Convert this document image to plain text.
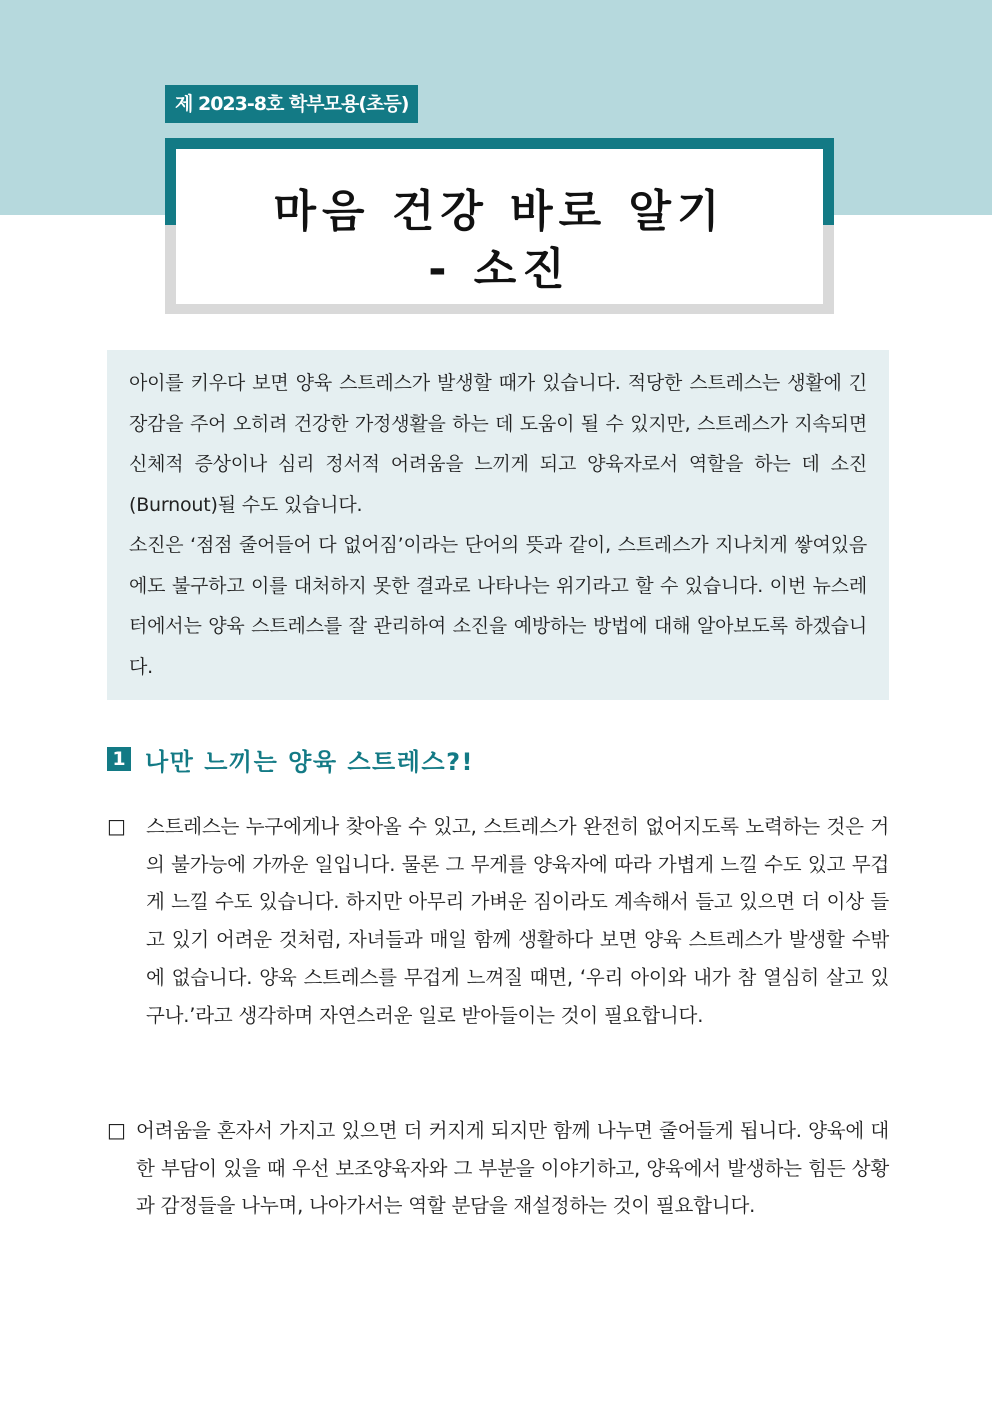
제 2023-8호 학부모용(초등)
마음 건강 바로 알기
- 소진

아이를 키우다 보면 양육 스트레스가 발생할 때가 있습니다. 적당한 스트레스는 생활에 긴장감을 주어 오히려 건강한 가정생활을 하는 데 도움이 될 수 있지만, 스트레스가 지속되면 신체적 증상이나 심리 정서적 어려움을 느끼게 되고 양육자로서 역할을 하는 데 소진(Burnout)될 수도 있습니다.

소진은 ‘점점 줄어들어 다 없어짐’이라는 단어의 뜻과 같이, 스트레스가 지나치게 쌓여있음에도 불구하고 이를 대처하지 못한 결과로 나타나는 위기라고 할 수 있습니다. 이번 뉴스레터에서는 양육 스트레스를 잘 관리하여 소진을 예방하는 방법에 대해 알아보도록 하겠습니다.

1 나만 느끼는 양육 스트레스?!
□	스트레스는 누구에게나 찾아올 수 있고, 스트레스가 완전히 없어지도록 노력하는 것은 거의 불가능에 가까운 일입니다. 물론 그 무게를 양육자에 따라 가볍게 느낄 수도 있고 무겁게 느낄 수도 있습니다. 하지만 아무리 가벼운 짐이라도 계속해서 들고 있으면 더 이상 들고 있기 어려운 것처럼, 자녀들과 매일 함께 생활하다 보면 양육 스트레스가 발생할 수밖에 없습니다. 양육 스트레스를 무겁게 느껴질 때면, ‘우리 아이와 내가 참 열심히 살고 있구나.’라고 생각하며 자연스러운 일로 받아들이는 것이 필요합니다.

□ 어려움을 혼자서 가지고 있으면 더 커지게 되지만 함께 나누면 줄어들게 됩니다. 양육에 대한 부담이 있을 때 우선 보조양육자와 그 부분을 이야기하고, 양육에서 발생하는 힘든 상황과 감정들을 나누며, 나아가서는 역할 분담을 재설정하는 것이 필요합니다.
